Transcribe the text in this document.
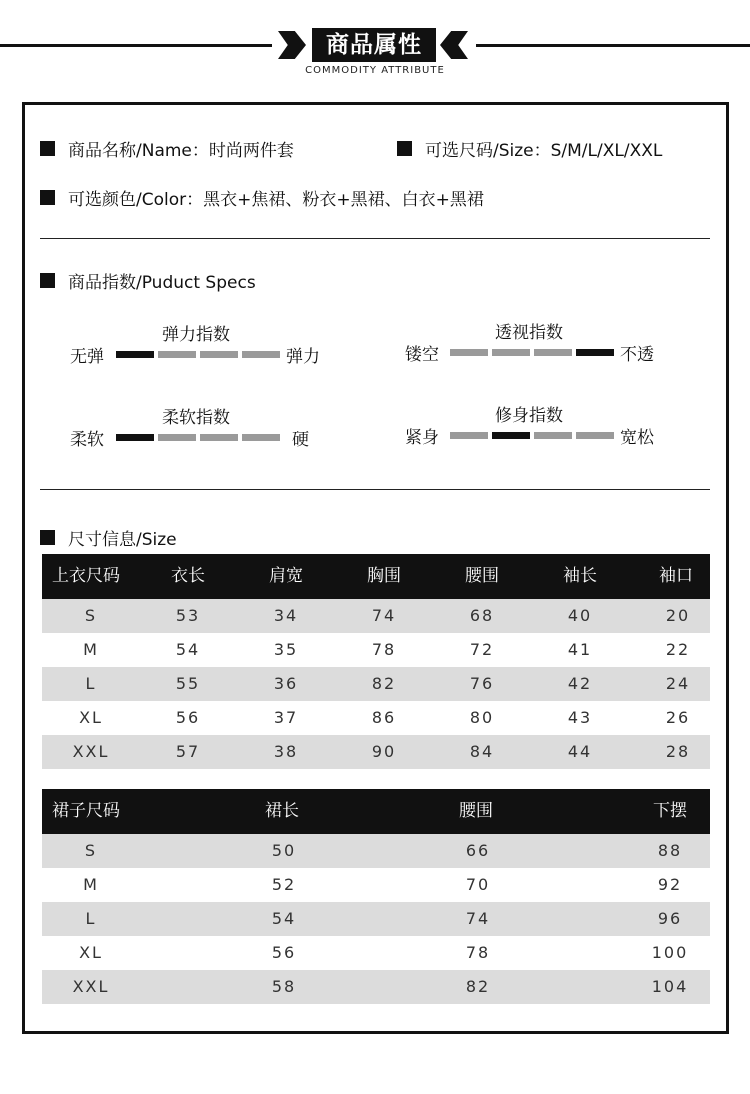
商品属性
COMMODITY ATTRIBUTE
商品名称/Name：时尚两件套	可选尺码/Size：S/M/L/XL/XXL
可选颜色/Color：黑衣+焦裙、粉衣+黑裙、白衣+黑裙
商品指数/Puduct Specs
弹力指数
无弹	弹力
透视指数
镂空	不透
柔软指数
柔软	硬
修身指数
紧身	宽松
尺寸信息/Size
上衣尺码	衣长	肩宽	胸围	腰围	袖长	袖口
S	53	34	74	68	40	20
M	54	35	78	72	41	22
L	55	36	82	76	42	24
XL	56	37	86	80	43	26
XXL	57	38	90	84	44	28
裙子尺码	裙长	腰围	下摆
S	50	66	88
M	52	70	92
L	54	74	96
XL	56	78	100
XXL	58	82	104
